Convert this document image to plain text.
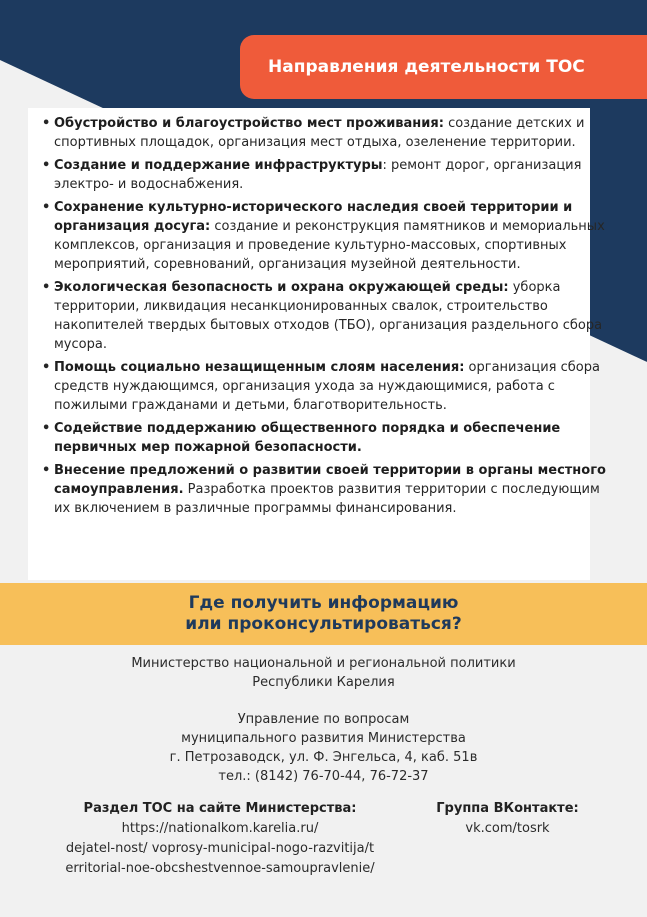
Направления деятельности ТОС
• Обустройство и благоустройство мест проживания: создание детских и спортивных площадок, организация мест отдыха, озеленение территории.
• Создание и поддержание инфраструктуры: ремонт дорог, организация электро- и водоснабжения.
• Сохранение культурно-исторического наследия своей территории и организация досуга: создание и реконструкция памятников и мемориальных комплексов, организация и проведение культурно-массовых, спортивных мероприятий, соревнований, организация музейной деятельности.
• Экологическая безопасность и охрана окружающей среды: уборка территории, ликвидация несанкционированных свалок, строительство накопителей твердых бытовых отходов (ТБО), организация раздельного сбора мусора.
• Помощь социально незащищенным слоям населения: организация сбора средств нуждающимся, организация ухода за нуждающимися, работа с пожилыми гражданами и детьми, благотворительность.
• Содействие поддержанию общественного порядка и обеспечение первичных мер пожарной безопасности.
• Внесение предложений о развитии своей территории в органы местного самоуправления. Разработка проектов развития территории с последующим их включением в различные программы финансирования.
Где получить информацию
или проконсультироваться?
Министерство национальной и региональной политики
Республики Карелия
Управление по вопросам
муниципального развития Министерства
г. Петрозаводск, ул. Ф. Энгельса, 4, каб. 51в
тел.: (8142) 76-70-44, 76-72-37
Раздел ТОС на сайте Министерства:
https://nationalkom.karelia.ru/
dejatel-nost/ voprosy-municipal-nogo-razvitija/t
erritorial-noe-obcshestvennoe-samoupravlenie/
Группа ВКонтакте:
vk.com/tosrk
